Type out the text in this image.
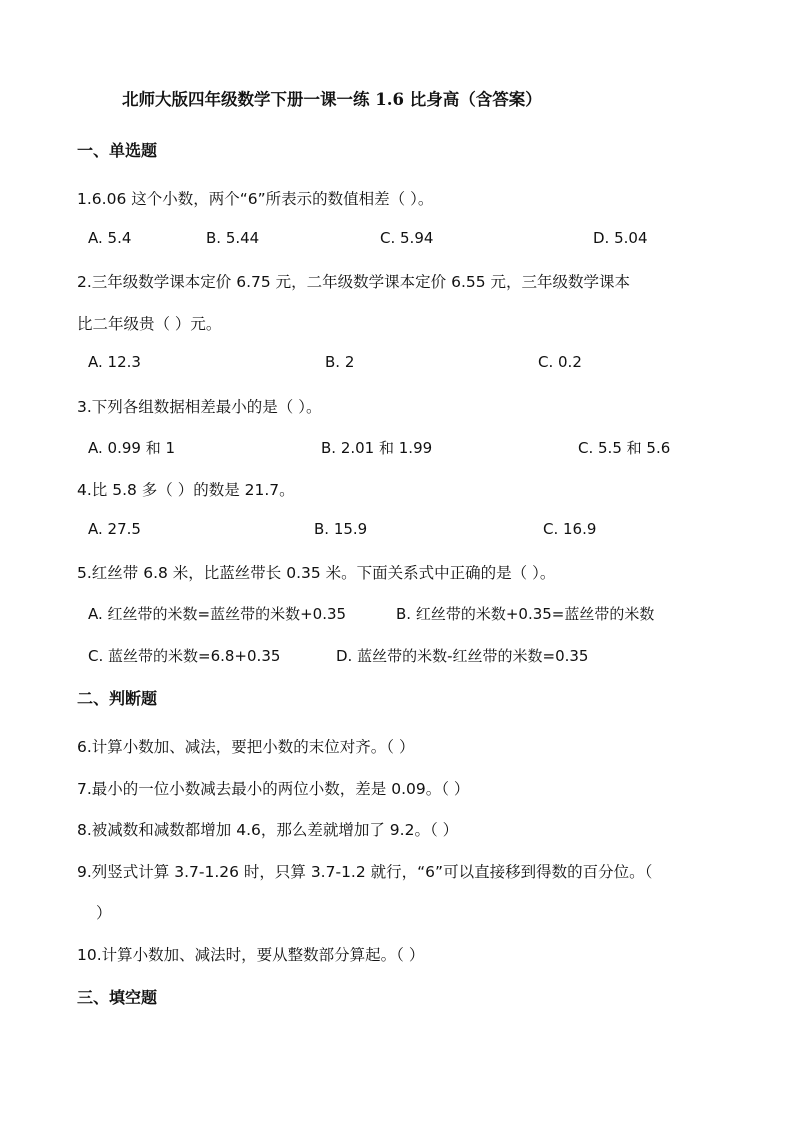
北师大版四年级数学下册一课一练 1.6 比身高（含答案）
一、单选题
1.6.06 这个小数，两个“6”所表示的数值相差（ ）。
A. 5.4	B. 5.44	C. 5.94	D. 5.04
2.三年级数学课本定价 6.75 元，二年级数学课本定价 6.55 元，三年级数学课本
比二年级贵（ ）元。
A. 12.3	B. 2	C. 0.2
3.下列各组数据相差最小的是（ ）。
A. 0.99 和 1	B. 2.01 和 1.99	C. 5.5 和 5.6
4.比 5.8 多（ ）的数是 21.7。
A. 27.5	B. 15.9	C. 16.9
5.红丝带 6.8 米，比蓝丝带长 0.35 米。下面关系式中正确的是（ ）。
A. 红丝带的米数=蓝丝带的米数+0.35	B. 红丝带的米数+0.35=蓝丝带的米数
C. 蓝丝带的米数=6.8+0.35	D. 蓝丝带的米数-红丝带的米数=0.35
二、判断题
6.计算小数加、减法，要把小数的末位对齐。（ ）
7.最小的一位小数减去最小的两位小数，差是 0.09。（ ）
8.被减数和减数都增加 4.6，那么差就增加了 9.2。（ ）
9.列竖式计算 3.7-1.26 时，只算 3.7-1.2 就行，“6”可以直接移到得数的百分位。（
）
10.计算小数加、减法时，要从整数部分算起。（ ）
三、填空题
